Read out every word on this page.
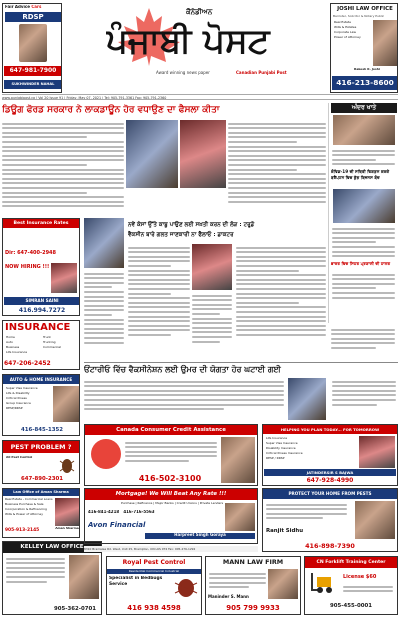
Fair Advice Cars
RDSP
647-981-7900
SUKHWINDER NAHAL
ਕੈਨੇਡੀਅਨ
ਪੰਜਾਬੀ ਪੋਸਟ
Award winning news paper	Canadian Punjabi Post
JOSHI LAW OFFICE
Barrister, Solicitor & Notary Public
Real Estate
Wills & Estates
Corporate Law
Power of Attorney
Rakesh K. Joshi
416-213-8600
www.punjabipost.ca | Vol 20 Issue 91 | Friday, May 07, 2021 | Tel: 905-791-3361 Fax: 905-791-2360
ਡਿਊਗ ਫੋਰਡ ਸਰਕਾਰ ਨੇ ਲਾਕਡਾਊਨ ਹੋਰ ਵਧਾਉਣ ਦਾ ਫੈਸਲਾ ਕੀਤਾ	ਅੰਦਰ ਖਾਤੇ
ਕੋਵਿਡ-19 ਦੀ ਸਥਿਤੀ ਵਿਗੜਨ ਕਰਕੇ ਬਰੈਂਪਟਨ ਵਿਚ ਕੁੱਝ ਬਿਜ਼ਨਸ ਬੰਦ
ਭਾਰਤ ਵਿਚ ਸਿਹਤ ਪ੍ਰਣਾਲੀ ਦੀ ਹਾਲਤ
Best Insurance Rates
Dir: 647-400-2948
NOW HIRING !!!
SIMRAN SAINI
416.994.7272
INSURANCE
Home
Auto
Business
Life Insurance
Truck
Trucking
Commercial
647-206-2452
AUTO & HOME INSURANCE
Super Visa Insurance
Life & Disability
Critical Illness
Group Insurance
RESP/RRSP
416-845-1352
PEST PROBLEM ?
All Pest Control
647-890-2301
Law Office of Aman Sharma
Real Estate - Commercial Loans
Business Purchase & Sale
Incorporation & Refinancing
Wills & Power of Attorney
Aman Sharma
905-913-2145
KELLEY LAW OFFICE
905-362-0701
ਨਵੇਂ ਕੇਸਾਂ ਉੱਤੇ ਕਾਬੂ ਪਾਉਣ ਲਈ ਸਖ਼ਤੀ ਕਰਨ ਦੀ ਲੋੜ : ਟਰੂਡੋ
ਵੈਕਸੀਨ ਬਾਰੇ ਗਲਤ ਜਾਣਕਾਰੀ ਨਾ ਫੈਲਾਓ : ਡਾਕਟਰ
ਓਂਟਾਰੀਓ ਵਿੱਚ ਵੈਕਸੀਨੇਸ਼ਨ ਲਈ ਉਮਰ ਦੀ ਯੋਗਤਾ ਹੋਰ ਘਟਾਈ ਗਈ
Canada Consumer Credit Assistance
416-502-3100
Mortgage! We Will Beat Any Rate !!!
Purchase | Refinance | Major Banks | Credit Unions | Private Lenders
416-841-4218 416-716-5563
Avon Financial
Harpreet Singh Goraya
8310 Bramalea Rd. West, Unit 25, Brampton, ON L6S 0T4 Fax: 905-276-1292
HELPING YOU PLAN TODAY... FOR TOMORROW
Life Insurance
Super Visa Insurance
Disability Insurance
Critical Illness Insurance
RESP / RRSP
JATINDERSIR S BAJWA
647-928-4990
PROTECT YOUR HOME FROM PESTS
Ranjit Sidhu
416-898-7390
CN Forklift Training Center
License $60
905-455-0001
Royal Pest Control
Residential Commercial Industrial
Specialist in Bedbugs Service
416 938 4598
MANN LAW FIRM
Maninder S. Mann
905 799 9933
